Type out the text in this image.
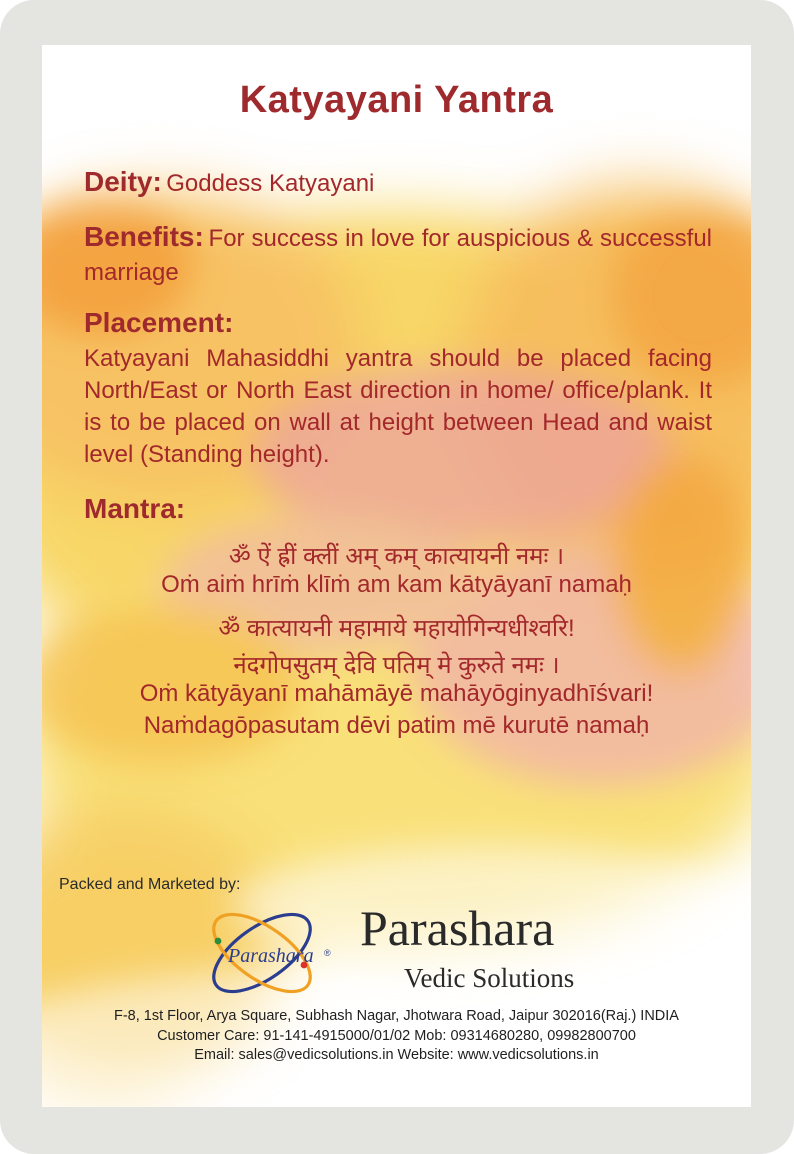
Katyayani Yantra
Deity: Goddess Katyayani
Benefits: For success in love for auspicious & successful marriage
Placement:
Katyayani Mahasiddhi yantra should be placed facing North/East or North East direction in home/ office/plank. It is to be placed on wall at height between Head and waist level (Standing height).
Mantra:
ॐ ऐं ह्रीं क्लीं अम् कम् कात्यायनी नमः ।
Oṁ aiṁ hrīṁ klīṁ am kam kātyāyanī namaḥ
ॐ कात्यायनी महामाये महायोगिन्यधीश्वरि!
नंदगोपसुतम् देवि पतिम् मे कुरुते नमः ।
Oṁ kātyāyanī mahāmāyē mahāyōginyadhīśvari!
Naṁdagōpasutam dēvi patim mē kurutē namaḥ
Packed and Marketed by:
Parashara ® Parashara
Vedic Solutions
F-8, 1st Floor, Arya Square, Subhash Nagar, Jhotwara Road, Jaipur 302016(Raj.) INDIA
Customer Care: 91-141-4915000/01/02 Mob: 09314680280, 09982800700
Email: sales@vedicsolutions.in Website: www.vedicsolutions.in
